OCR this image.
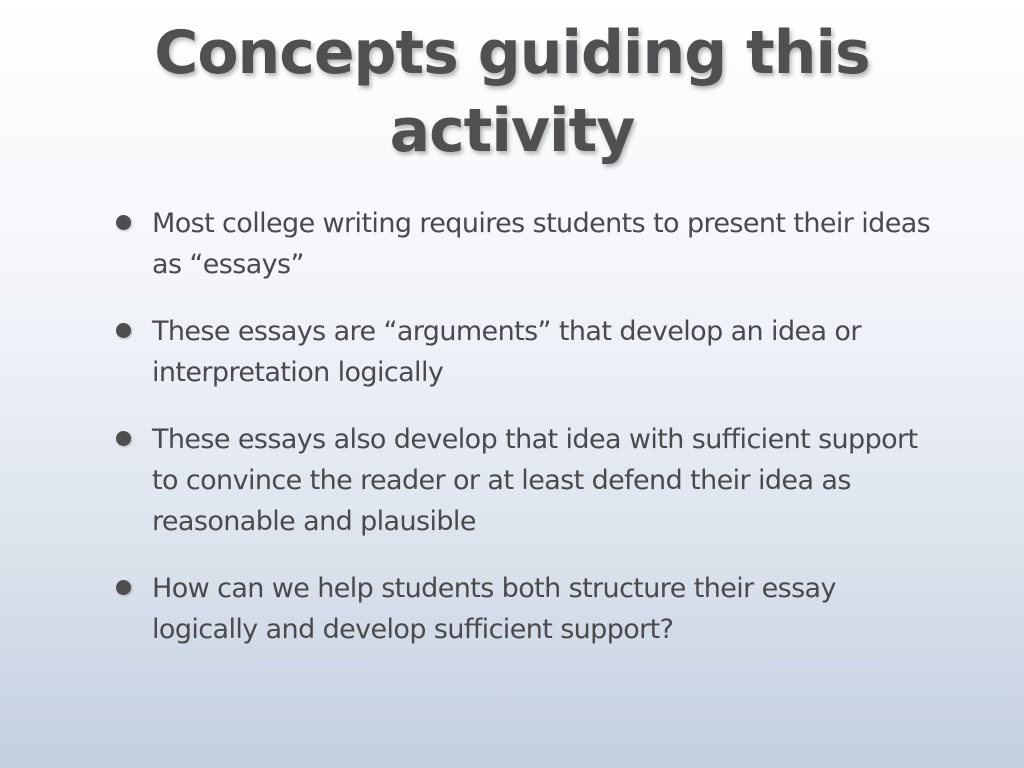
Concepts guiding this activity
Most college writing requires students to present their ideas as “essays”
These essays are “arguments” that develop an idea or interpretation logically
These essays also develop that idea with sufficient support to convince the reader or at least defend their idea as reasonable and plausible
How can we help students both structure their essay logically and develop sufficient support?
